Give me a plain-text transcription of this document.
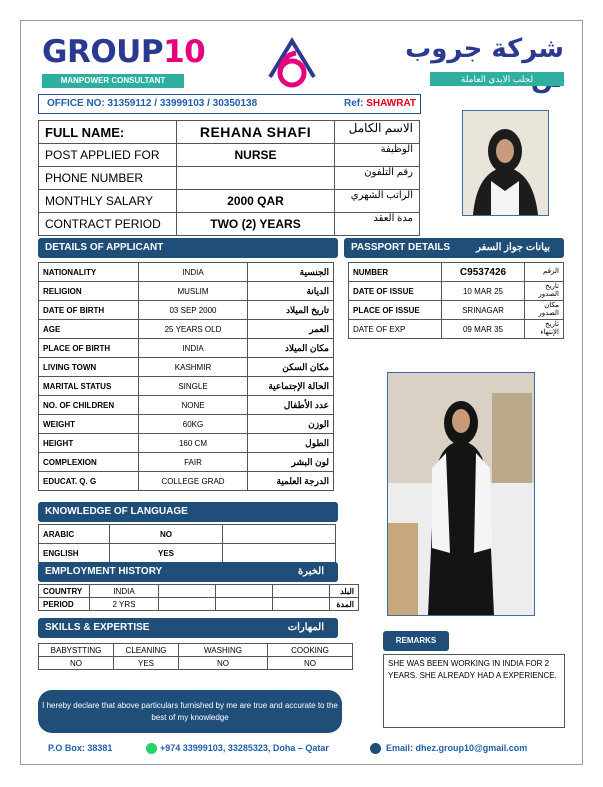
GROUP10
MANPOWER CONSULTANT
شركة جروب
لجلب الايدي العاملة
OFFICE NO: 31359112 / 33999103 / 30350138	Ref: SHAWRAT
FULL NAME:	REHANA SHAFI	الاسم الكامل
POST APPLIED FOR	NURSE	الوظيفة
PHONE NUMBER		رقم التلفون
MONTHLY SALARY	2000 QAR	الراتب الشهري
CONTRACT PERIOD	TWO (2) YEARS	مدة العقد
DETAILS OF APPLICANT
NATIONALITY	INDIA	الجنسية
RELIGION	MUSLIM	الديانة
DATE OF BIRTH	03 SEP 2000	تاريخ الميلاد
AGE	25 YEARS OLD	العمر
PLACE OF BIRTH	INDIA	مكان الميلاد
LIVING TOWN	KASHMIR	مكان السكن
MARITAL STATUS	SINGLE	الحالة الإجتماعية
NO. OF CHILDREN	NONE	عدد الأطفال
WEIGHT	60KG	الوزن
HEIGHT	160 CM	الطول
COMPLEXION	FAIR	لون البشر
EDUCAT. Q. G	COLLEGE GRAD	الدرجة العلمية
PASSPORT DETAILS	بيانات جواز السفر
NUMBER	C9537426	الرقم
DATE OF ISSUE	10 MAR 25	تاريخ الصدور
PLACE OF ISSUE	SRINAGAR	مكان الصدور
DATE OF EXP	09 MAR 35	تاريخ الإنتهاء
KNOWLEDGE OF LANGUAGE
ARABIC	NO	
ENGLISH	YES	
EMPLOYMENT HISTORY	الخبرة
COUNTRY	INDIA				البلد
PERIOD	2 YRS				المدة
SKILLS & EXPERTISE	المهارات
BABYSTTING	CLEANING	WASHING	COOKING
NO	YES	NO	NO
REMARKS
SHE WAS BEEN WORKING IN INDIA FOR 2 YEARS. SHE ALREADY HAD A EXPERIENCE.
I hereby declare that above particulars furnished by me are true and accurate to the best of my knowledge
P.O Box: 38381	+974 33999103, 33285323, Doha – Qatar	Email: dhez.group10@gmail.com
